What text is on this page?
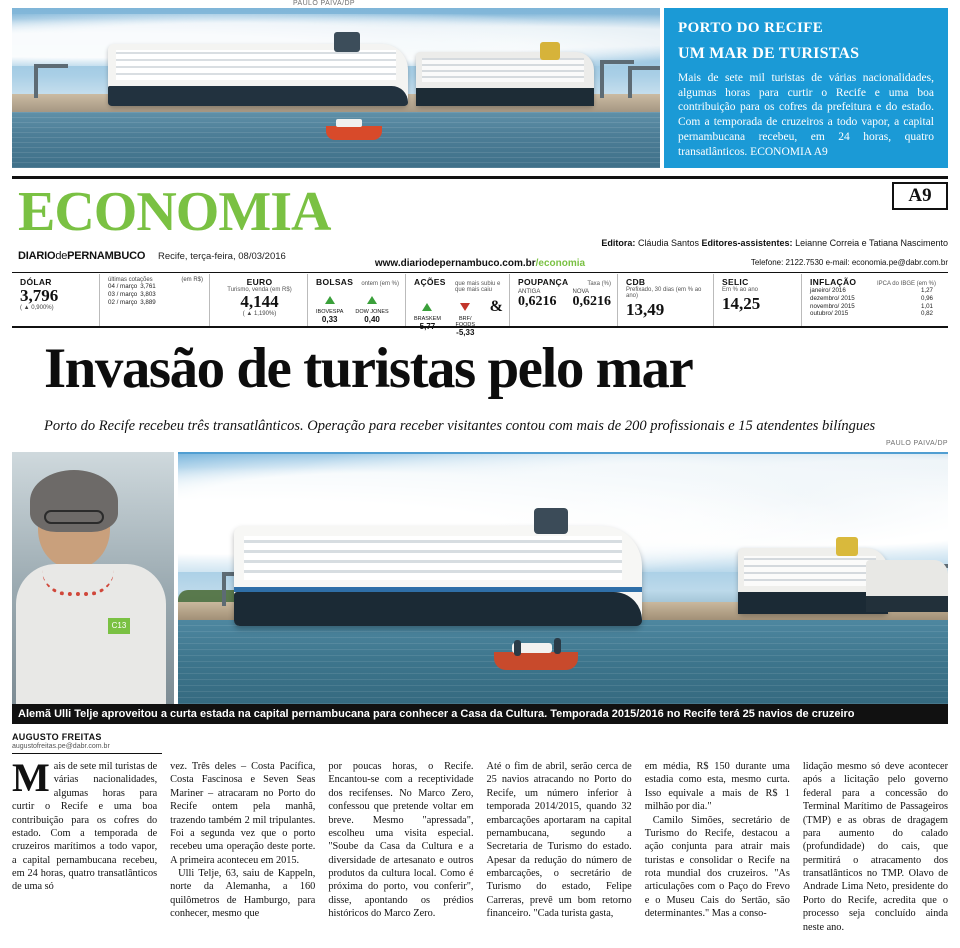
PAULO PAIVA/DP
PORTO DO RECIFE
UM MAR DE TURISTAS

Mais de sete mil turistas de várias nacionalidades, algumas horas para curtir o Recife e uma boa contribuição para os cofres da prefeitura e do estado. Com a temporada de cruzeiros a todo vapor, a capital pernambucana recebeu, em 24 horas, quatro transatlânticos. ECONOMIA A9

A9
ECONOMIA
DIARIOdePERNAMBUCO Recife, terça-feira, 08/03/2016
Editora: Cláudia Santos Editores-assistentes: Leianne Correia e Tatiana Nascimento
www.diariodepernambuco.com.br/economia	Telefone: 2122.7530 e-mail: economia.pe@dabr.com.br
DÓLAR
3,796
( ▲ 0,900%)
últimas cotações	(em R$)
04 / março	3,761
03 / março	3,803
02 / março	3,889
EURO
Turismo, venda (em R$)
4,144
( ▲ 1,190%)
BOLSAS ontem (em %)
IBOVESPA
0,33
DOW JONES
0,40
AÇÕES que mais subiu e que mais caiu
BRASKEM
5,77
BRF/ FOODS
-5,33
&
POUPANÇA	Taxa (%)
ANTIGA
0,6216
NOVA
0,6216
CDB
Prefixado, 30 dias (em % ao ano)
13,49
SELIC
Em % ao ano
14,25
INFLAÇÃO	IPCA do IBGE (em %)
janeiro/ 2016	1,27
dezembro/ 2015	0,96
novembro/ 2015	1,01
outubro/ 2015	0,82
Invasão de turistas pelo mar
Porto do Recife recebeu três transatlânticos. Operação para receber visitantes contou com mais de 200 profissionais e 15 atendentes bilíngues
PAULO PAIVA/DP
C13
Alemã Ulli Telje aproveitou a curta estada na capital pernambucana para conhecer a Casa da Cultura. Temporada 2015/2016 no Recife terá 25 navios de cruzeiro
AUGUSTO FREITAS
augustofreitas.pe@dabr.com.br
M ais de sete mil turistas de várias nacionalidades, algumas horas para curtir o Recife e uma boa contribuição para os cofres do estado. Com a temporada de cruzeiros marítimos a todo vapor, a capital pernambucana recebeu, em 24 horas, quatro transatlânticos de uma só

vez. Três deles – Costa Pacífica, Costa Fascinosa e Seven Seas Mariner – atracaram no Porto do Recife ontem pela manhã, trazendo também 2 mil tripulantes. Foi a segunda vez que o porto recebeu uma operação deste porte. A primeira aconteceu em 2015.

Ulli Telje, 63, saiu de Kappeln, norte da Alemanha, a 160 quilômetros de Hamburgo, para conhecer, mesmo que

por poucas horas, o Recife. Encantou-se com a receptividade dos recifenses. No Marco Zero, confessou que pretende voltar em breve. Mesmo "apressada", escolheu uma visita especial. "Soube da Casa da Cultura e a diversidade de artesanato e outros produtos da cultura local. Como é próxima do porto, vou conferir", disse, apontando os prédios históricos do Marco Zero.

Até o fim de abril, serão cerca de 25 navios atracando no Porto do Recife, um número inferior à temporada 2014/2015, quando 32 embarcações aportaram na capital pernambucana, segundo a Secretaria de Turismo do estado. Apesar da redução do número de embarcações, o secretário de Turismo do estado, Felipe Carreras, prevê um bom retorno financeiro. "Cada turista gasta,

em média, R$ 150 durante uma estadia como esta, mesmo curta. Isso equivale a mais de R$ 1 milhão por dia."

Camilo Simões, secretário de Turismo do Recife, destacou a ação conjunta para atrair mais turistas e consolidar o Recife na rota mundial dos cruzeiros. "As articulações com o Paço do Frevo e o Museu Cais do Sertão, são determinantes." Mas a conso-

lidação mesmo só deve acontecer após a licitação pelo governo federal para a concessão do Terminal Marítimo de Passageiros (TMP) e as obras de dragagem para aumento do calado (profundidade) do cais, que permitirá o atracamento dos transatlânticos no TMP. Olavo de Andrade Lima Neto, presidente do Porto do Recife, acredita que o processo seja concluído ainda neste ano.
